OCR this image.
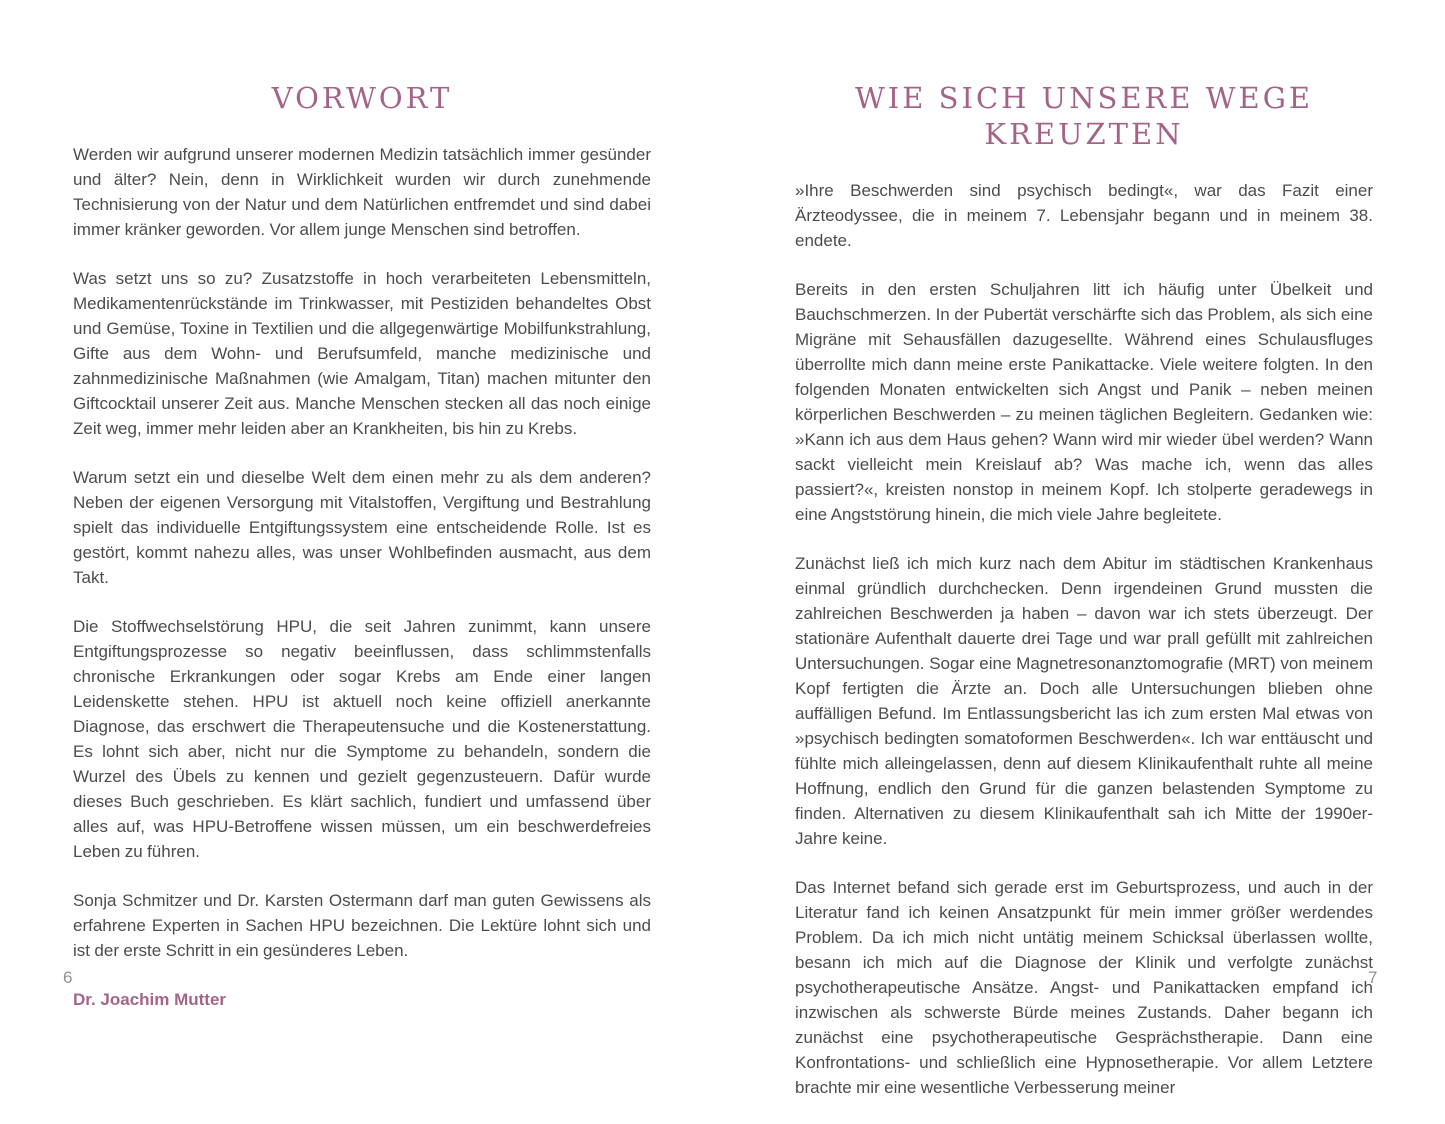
VORWORT

Werden wir aufgrund unserer modernen Medizin tatsächlich immer gesünder und älter? Nein, denn in Wirklichkeit wurden wir durch zunehmende Technisierung von der Natur und dem Natürlichen entfremdet und sind dabei immer kränker geworden. Vor allem junge Menschen sind betroffen.

Was setzt uns so zu? Zusatzstoffe in hoch verarbeiteten Lebensmitteln, Medikamentenrückstände im Trinkwasser, mit Pestiziden behandeltes Obst und Gemüse, Toxine in Textilien und die allgegenwärtige Mobilfunkstrahlung, Gifte aus dem Wohn- und Berufsumfeld, manche medizinische und zahnmedizinische Maßnahmen (wie Amalgam, Titan) machen mitunter den Giftcocktail unserer Zeit aus. Manche Menschen stecken all das noch einige Zeit weg, immer mehr leiden aber an Krankheiten, bis hin zu Krebs.

Warum setzt ein und dieselbe Welt dem einen mehr zu als dem anderen? Neben der eigenen Versorgung mit Vitalstoffen, Vergiftung und Bestrahlung spielt das individuelle Entgiftungssystem eine entscheidende Rolle. Ist es gestört, kommt nahezu alles, was unser Wohlbefinden ausmacht, aus dem Takt.

Die Stoffwechselstörung HPU, die seit Jahren zunimmt, kann unsere Entgiftungsprozesse so negativ beeinflussen, dass schlimmstenfalls chronische Erkrankungen oder sogar Krebs am Ende einer langen Leidenskette stehen. HPU ist aktuell noch keine offiziell anerkannte Diagnose, das erschwert die Therapeutensuche und die Kostenerstattung. Es lohnt sich aber, nicht nur die Symptome zu behandeln, sondern die Wurzel des Übels zu kennen und gezielt gegenzusteuern. Dafür wurde dieses Buch geschrieben. Es klärt sachlich, fundiert und umfassend über alles auf, was HPU-Betroffene wissen müssen, um ein beschwerdefreies Leben zu führen.

Sonja Schmitzer und Dr. Karsten Ostermann darf man guten Gewissens als erfahrene Experten in Sachen HPU bezeichnen. Die Lektüre lohnt sich und ist der erste Schritt in ein gesünderes Leben.

Dr. Joachim Mutter

WIE SICH UNSERE WEGE KREUZTEN

»Ihre Beschwerden sind psychisch bedingt«, war das Fazit einer Ärzteodyssee, die in meinem 7. Lebensjahr begann und in meinem 38. endete.

Bereits in den ersten Schuljahren litt ich häufig unter Übelkeit und Bauchschmerzen. In der Pubertät verschärfte sich das Problem, als sich eine Migräne mit Sehausfällen dazugesellte. Während eines Schulausfluges überrollte mich dann meine erste Panikattacke. Viele weitere folgten. In den folgenden Monaten entwickelten sich Angst und Panik – neben meinen körperlichen Beschwerden – zu meinen täglichen Begleitern. Gedanken wie: »Kann ich aus dem Haus gehen? Wann wird mir wieder übel werden? Wann sackt vielleicht mein Kreislauf ab? Was mache ich, wenn das alles passiert?«, kreisten nonstop in meinem Kopf. Ich stolperte geradewegs in eine Angststörung hinein, die mich viele Jahre begleitete.

Zunächst ließ ich mich kurz nach dem Abitur im städtischen Krankenhaus einmal gründlich durchchecken. Denn irgendeinen Grund mussten die zahlreichen Beschwerden ja haben – davon war ich stets überzeugt. Der stationäre Aufenthalt dauerte drei Tage und war prall gefüllt mit zahlreichen Untersuchungen. Sogar eine Magnetresonanztomografie (MRT) von meinem Kopf fertigten die Ärzte an. Doch alle Untersuchungen blieben ohne auffälligen Befund. Im Entlassungsbericht las ich zum ersten Mal etwas von »psychisch bedingten somatoformen Beschwerden«. Ich war enttäuscht und fühlte mich alleingelassen, denn auf diesem Klinikaufenthalt ruhte all meine Hoffnung, endlich den Grund für die ganzen belastenden Symptome zu finden. Alternativen zu diesem Klinikaufenthalt sah ich Mitte der 1990er-Jahre keine.

Das Internet befand sich gerade erst im Geburtsprozess, und auch in der Literatur fand ich keinen Ansatzpunkt für mein immer größer werdendes Problem. Da ich mich nicht untätig meinem Schicksal überlassen wollte, besann ich mich auf die Diagnose der Klinik und verfolgte zunächst psychotherapeutische Ansätze. Angst- und Panikattacken empfand ich inzwischen als schwerste Bürde meines Zustands. Daher begann ich zunächst eine psychotherapeutische Gesprächstherapie. Dann eine Konfrontations- und schließlich eine Hypnosetherapie. Vor allem Letztere brachte mir eine wesentliche Verbesserung meiner

6	7
